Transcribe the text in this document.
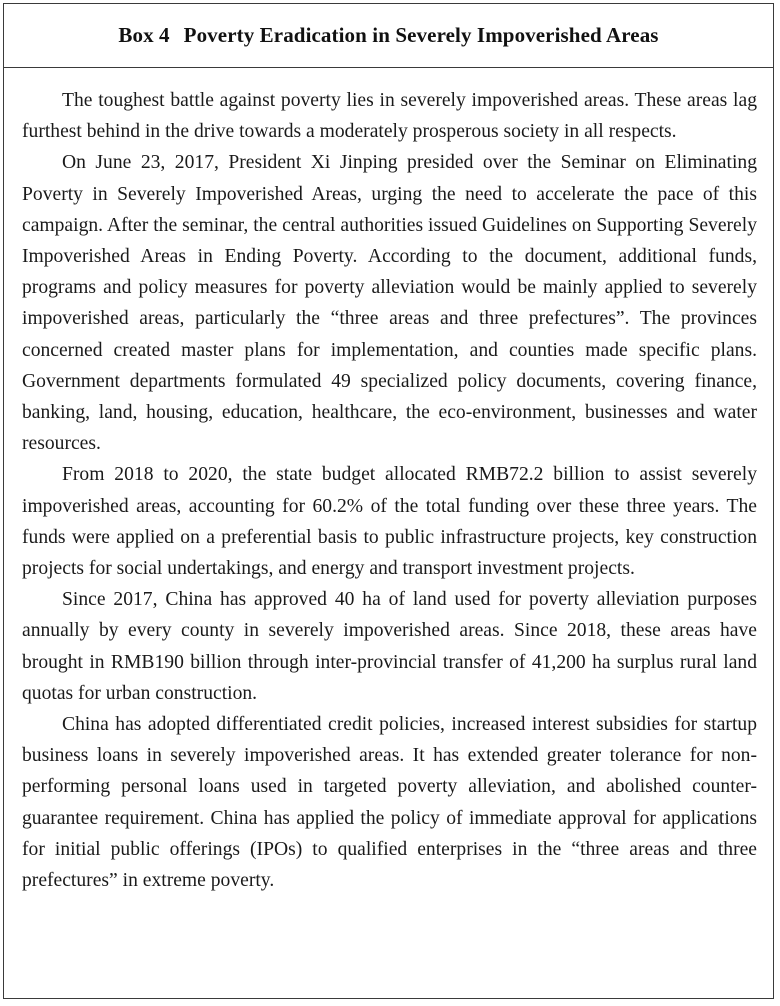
Box 4 Poverty Eradication in Severely Impoverished Areas

The toughest battle against poverty lies in severely impoverished areas. These areas lag furthest behind in the drive towards a moderately prosperous society in all respects.

On June 23, 2017, President Xi Jinping presided over the Seminar on Eliminating Poverty in Severely Impoverished Areas, urging the need to accelerate the pace of this campaign. After the seminar, the central authorities issued Guidelines on Supporting Severely Impoverished Areas in Ending Poverty. According to the document, additional funds, programs and policy measures for poverty alleviation would be mainly applied to severely impoverished areas, particularly the “three areas and three prefectures”. The provinces concerned created master plans for implementation, and counties made specific plans. Government departments formulated 49 specialized policy documents, covering finance, banking, land, housing, education, healthcare, the eco-environment, businesses and water resources.

From 2018 to 2020, the state budget allocated RMB72.2 billion to assist severely impoverished areas, accounting for 60.2% of the total funding over these three years. The funds were applied on a preferential basis to public infrastructure projects, key construction projects for social undertakings, and energy and transport investment projects.

Since 2017, China has approved 40 ha of land used for poverty alleviation purposes annually by every county in severely impoverished areas. Since 2018, these areas have brought in RMB190 billion through inter-provincial transfer of 41,200 ha surplus rural land quotas for urban construction.

China has adopted differentiated credit policies, increased interest subsidies for startup business loans in severely impoverished areas. It has extended greater tolerance for non-performing personal loans used in targeted poverty alleviation, and abolished counter-guarantee requirement. China has applied the policy of immediate approval for applications for initial public offerings (IPOs) to qualified enterprises in the “three areas and three prefectures” in extreme poverty.
